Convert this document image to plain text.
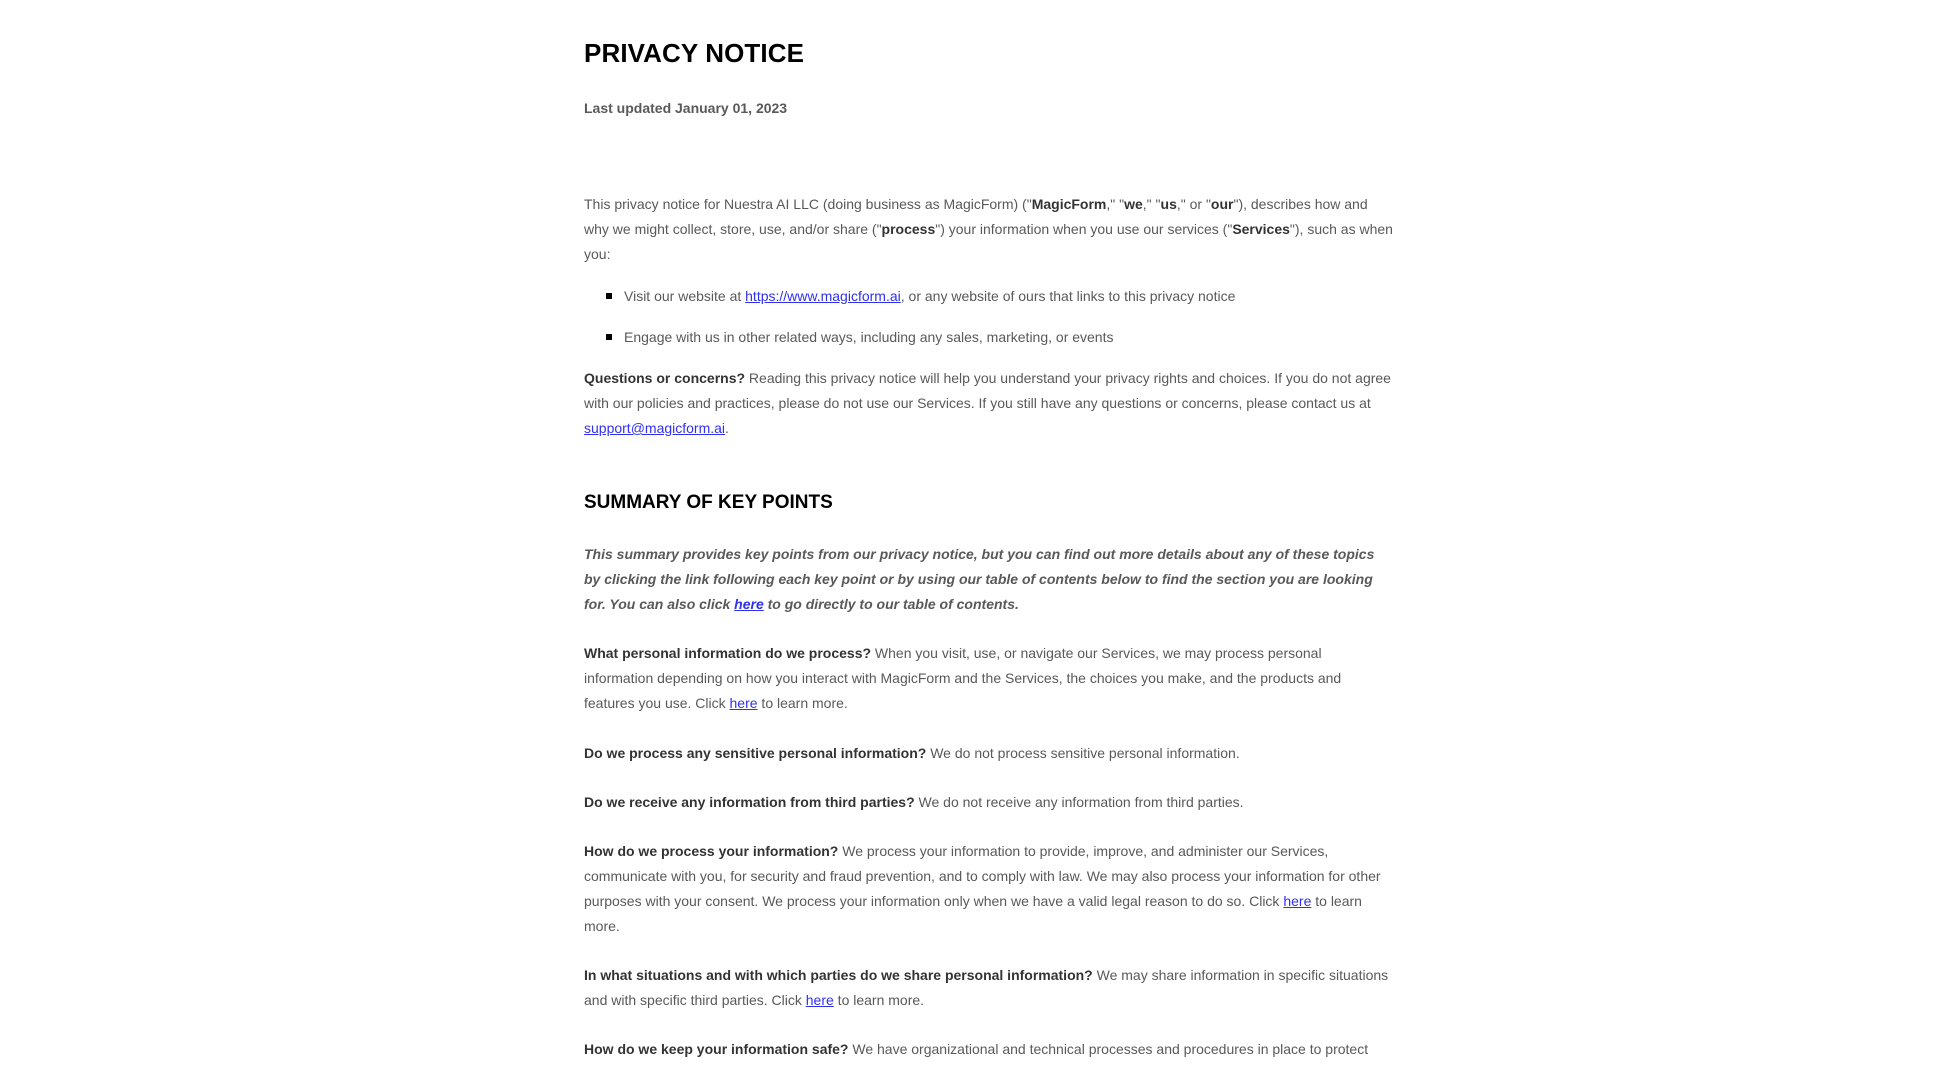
PRIVACY NOTICE
Last updated January 01, 2023
This privacy notice for Nuestra AI LLC (doing business as MagicForm) ("MagicForm," "we," "us," or "our"), describes how and why we might collect, store, use, and/or share ("process") your information when you use our services ("Services"), such as when you:
Visit our website at https://www.magicform.ai, or any website of ours that links to this privacy notice
Engage with us in other related ways, including any sales, marketing, or events
Questions or concerns? Reading this privacy notice will help you understand your privacy rights and choices. If you do not agree with our policies and practices, please do not use our Services. If you still have any questions or concerns, please contact us at support@magicform.ai.
SUMMARY OF KEY POINTS
This summary provides key points from our privacy notice, but you can find out more details about any of these topics by clicking the link following each key point or by using our table of contents below to find the section you are looking for. You can also click here to go directly to our table of contents.
What personal information do we process? When you visit, use, or navigate our Services, we may process personal information depending on how you interact with MagicForm and the Services, the choices you make, and the products and features you use. Click here to learn more.
Do we process any sensitive personal information? We do not process sensitive personal information.
Do we receive any information from third parties? We do not receive any information from third parties.
How do we process your information? We process your information to provide, improve, and administer our Services, communicate with you, for security and fraud prevention, and to comply with law. We may also process your information for other purposes with your consent. We process your information only when we have a valid legal reason to do so. Click here to learn more.
In what situations and with which parties do we share personal information? We may share information in specific situations and with specific third parties. Click here to learn more.
How do we keep your information safe? We have organizational and technical processes and procedures in place to protect
